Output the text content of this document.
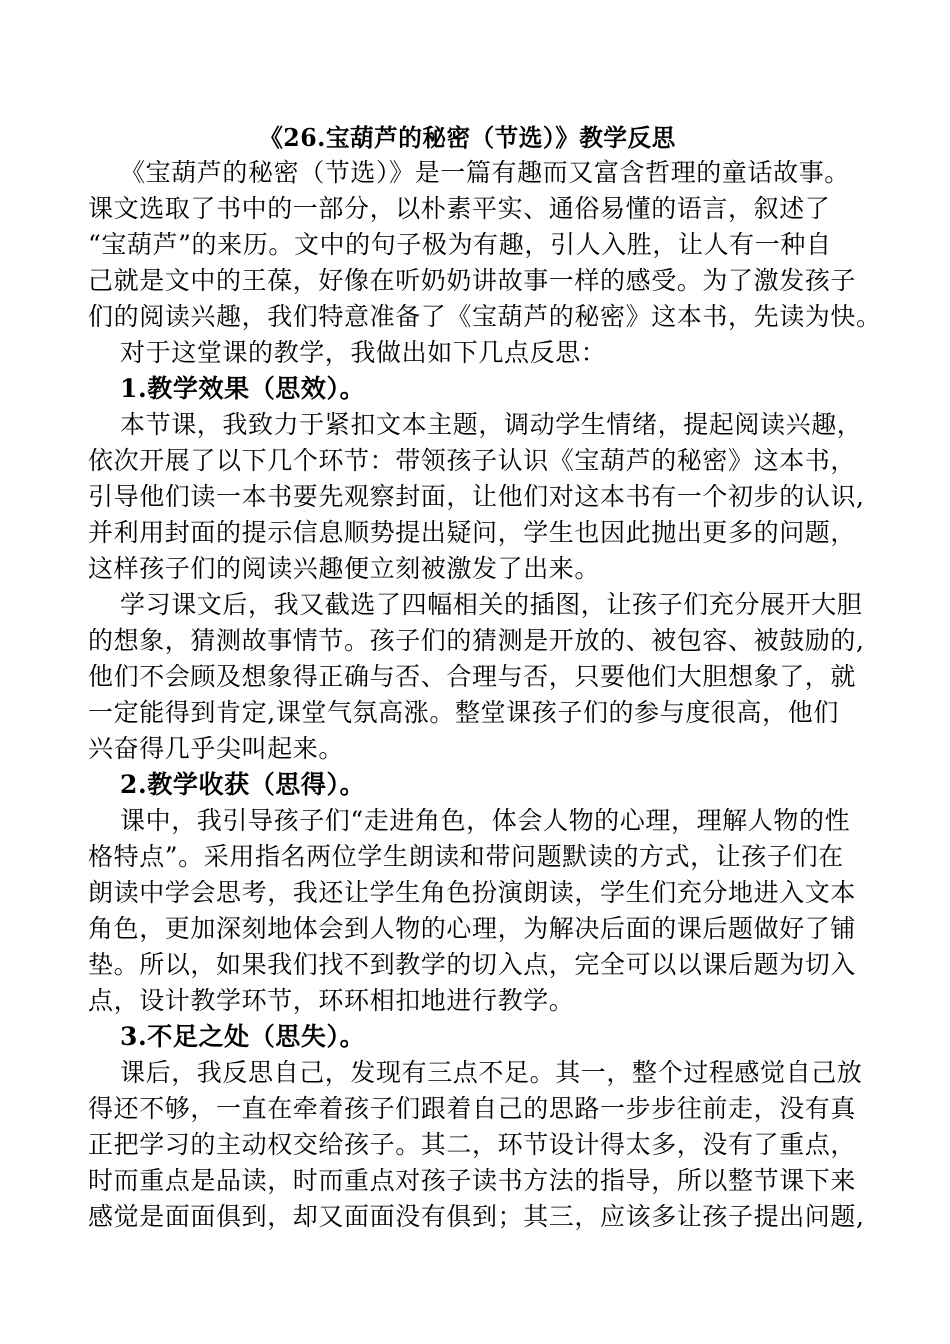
《26.宝葫芦的秘密（节选）》教学反思
《宝葫芦的秘密（节选）》是一篇有趣而又富含哲理的童话故事。
课文选取了书中的一部分，以朴素平实、通俗易懂的语言，叙述了
“宝葫芦”的来历。文中的句子极为有趣，引人入胜，让人有一种自
己就是文中的王葆，好像在听奶奶讲故事一样的感受。为了激发孩子
们的阅读兴趣，我们特意准备了《宝葫芦的秘密》这本书，先读为快。
对于这堂课的教学，我做出如下几点反思：
1.教学效果（思效）。
本节课，我致力于紧扣文本主题，调动学生情绪，提起阅读兴趣，
依次开展了以下几个环节：带领孩子认识《宝葫芦的秘密》这本书，
引导他们读一本书要先观察封面，让他们对这本书有一个初步的认识,
并利用封面的提示信息顺势提出疑问，学生也因此抛出更多的问题，
这样孩子们的阅读兴趣便立刻被激发了出来。
学习课文后，我又截选了四幅相关的插图，让孩子们充分展开大胆
的想象，猜测故事情节。孩子们的猜测是开放的、被包容、被鼓励的,
他们不会顾及想象得正确与否、合理与否，只要他们大胆想象了，就
一定能得到肯定,课堂气氛高涨。整堂课孩子们的参与度很高，他们
兴奋得几乎尖叫起来。
2.教学收获（思得）。
课中，我引导孩子们“走进角色，体会人物的心理，理解人物的性
格特点”。采用指名两位学生朗读和带问题默读的方式，让孩子们在
朗读中学会思考，我还让学生角色扮演朗读，学生们充分地进入文本
角色，更加深刻地体会到人物的心理，为解决后面的课后题做好了铺
垫。所以，如果我们找不到教学的切入点，完全可以以课后题为切入
点，设计教学环节，环环相扣地进行教学。
3.不足之处（思失）。
课后，我反思自己，发现有三点不足。其一，整个过程感觉自己放
得还不够，一直在牵着孩子们跟着自己的思路一步步往前走，没有真
正把学习的主动权交给孩子。其二，环节设计得太多，没有了重点，
时而重点是品读，时而重点对孩子读书方法的指导，所以整节课下来
感觉是面面俱到，却又面面没有俱到；其三，应该多让孩子提出问题,
